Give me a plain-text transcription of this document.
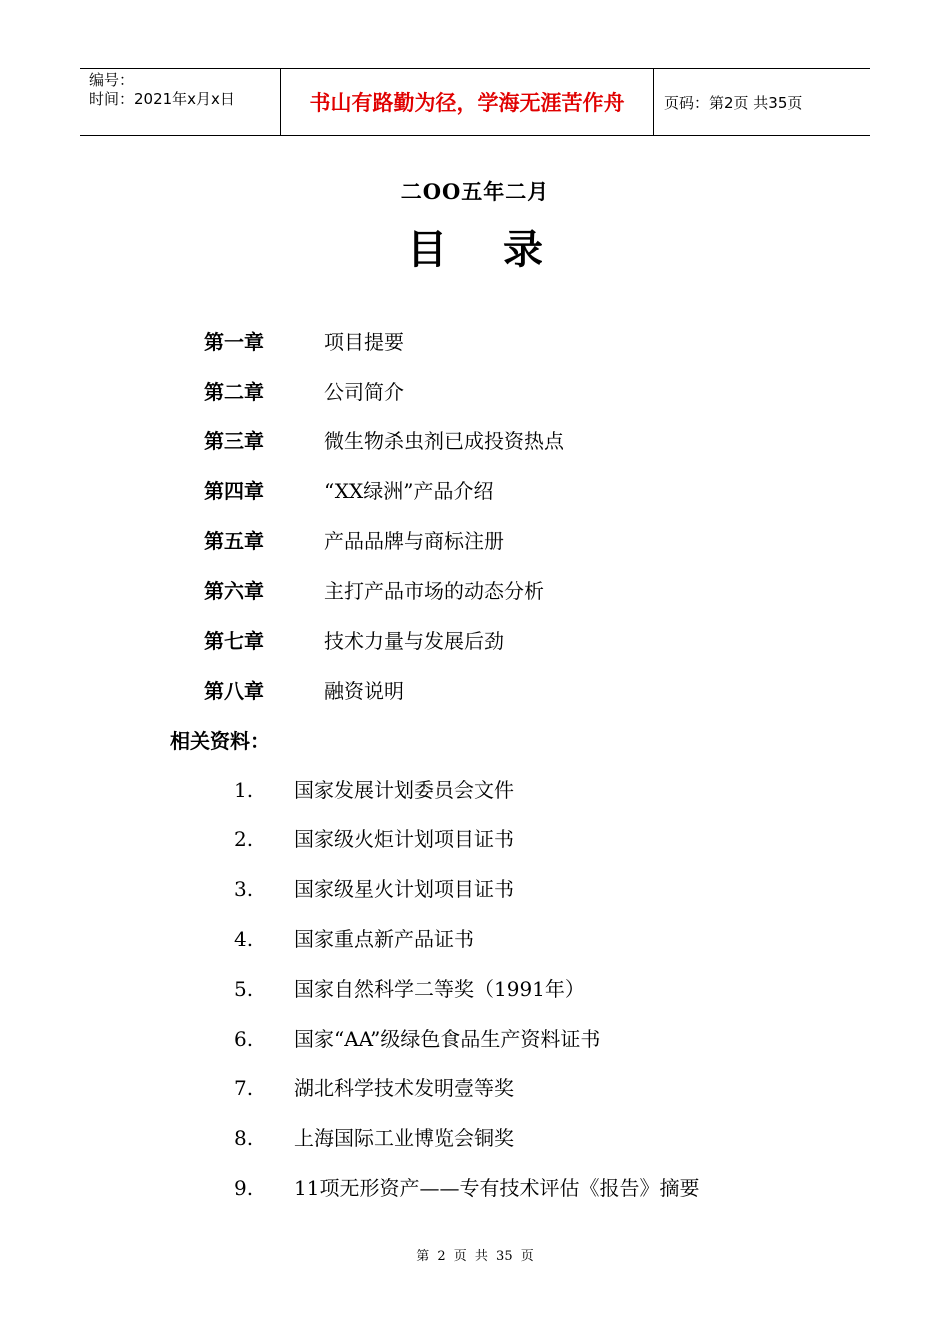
编号：
时间：2021年x月x日	书山有路勤为径，学海无涯苦作舟	页码：第2页 共35页
二OO五年二月
目 录
第一章	项目提要
第二章	公司简介
第三章	微生物杀虫剂已成投资热点
第四章	“XX绿洲”产品介绍
第五章	产品品牌与商标注册
第六章	主打产品市场的动态分析
第七章	技术力量与发展后劲
第八章	融资说明
相关资料：
1. 国家发展计划委员会文件
2. 国家级火炬计划项目证书
3. 国家级星火计划项目证书
4. 国家重点新产品证书
5. 国家自然科学二等奖（1991年）
6. 国家“AA”级绿色食品生产资料证书
7. 湖北科学技术发明壹等奖
8. 上海国际工业博览会铜奖
9. 11项无形资产——专有技术评估《报告》摘要
第 2 页 共 35 页
